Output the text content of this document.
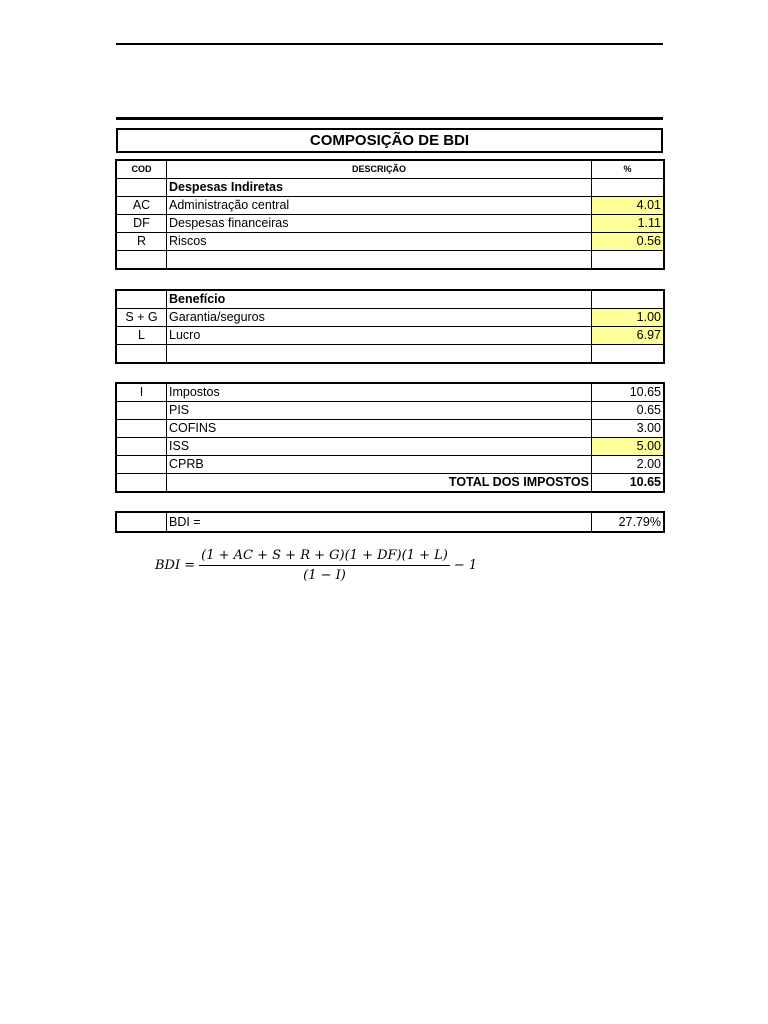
COMPOSIÇÃO DE BDI
COD	DESCRIÇÃO	%
	Despesas Indiretas	
AC	Administração central	4.01
DF	Despesas financeiras	1.11
R	Riscos	0.56

	Benefício	
S + G	Garantia/seguros	1.00
L	Lucro	6.97

I	Impostos	10.65
	PIS	0.65
	COFINS	3.00
	ISS	5.00
	CPRB	2.00
	TOTAL DOS IMPOSTOS	10.65
	BDI =	27.79%
BDI = $\frac{(1 + AC + S + R + G)(1 + DF)(1 + L)}{(1 - I)} - 1$
